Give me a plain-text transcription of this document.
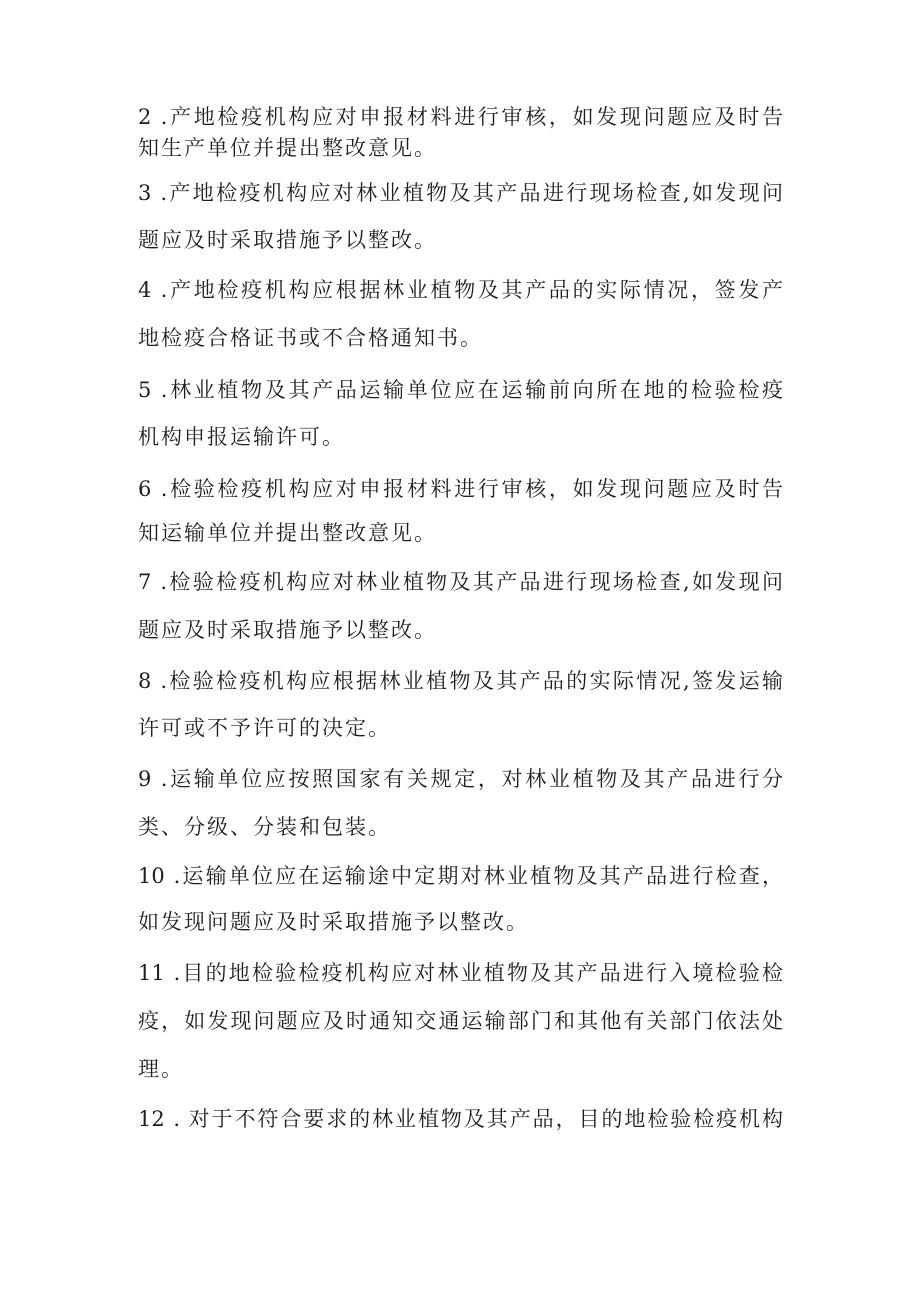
2 .产地检疫机构应对申报材料进行审核，如发现问题应及时告
知生产单位并提出整改意见。
3 .产地检疫机构应对林业植物及其产品进行现场检查,如发现问
题应及时采取措施予以整改。
4 .产地检疫机构应根据林业植物及其产品的实际情况，签发产
地检疫合格证书或不合格通知书。
5 .林业植物及其产品运输单位应在运输前向所在地的检验检疫
机构申报运输许可。
6 .检验检疫机构应对申报材料进行审核，如发现问题应及时告
知运输单位并提出整改意见。
7 .检验检疫机构应对林业植物及其产品进行现场检查,如发现问
题应及时采取措施予以整改。
8 .检验检疫机构应根据林业植物及其产品的实际情况,签发运输
许可或不予许可的决定。
9 .运输单位应按照国家有关规定，对林业植物及其产品进行分
类、分级、分装和包装。
10 .运输单位应在运输途中定期对林业植物及其产品进行检查，
如发现问题应及时采取措施予以整改。
11 .目的地检验检疫机构应对林业植物及其产品进行入境检验检
疫，如发现问题应及时通知交通运输部门和其他有关部门依法处
理。
12 . 对于不符合要求的林业植物及其产品，目的地检验检疫机构
